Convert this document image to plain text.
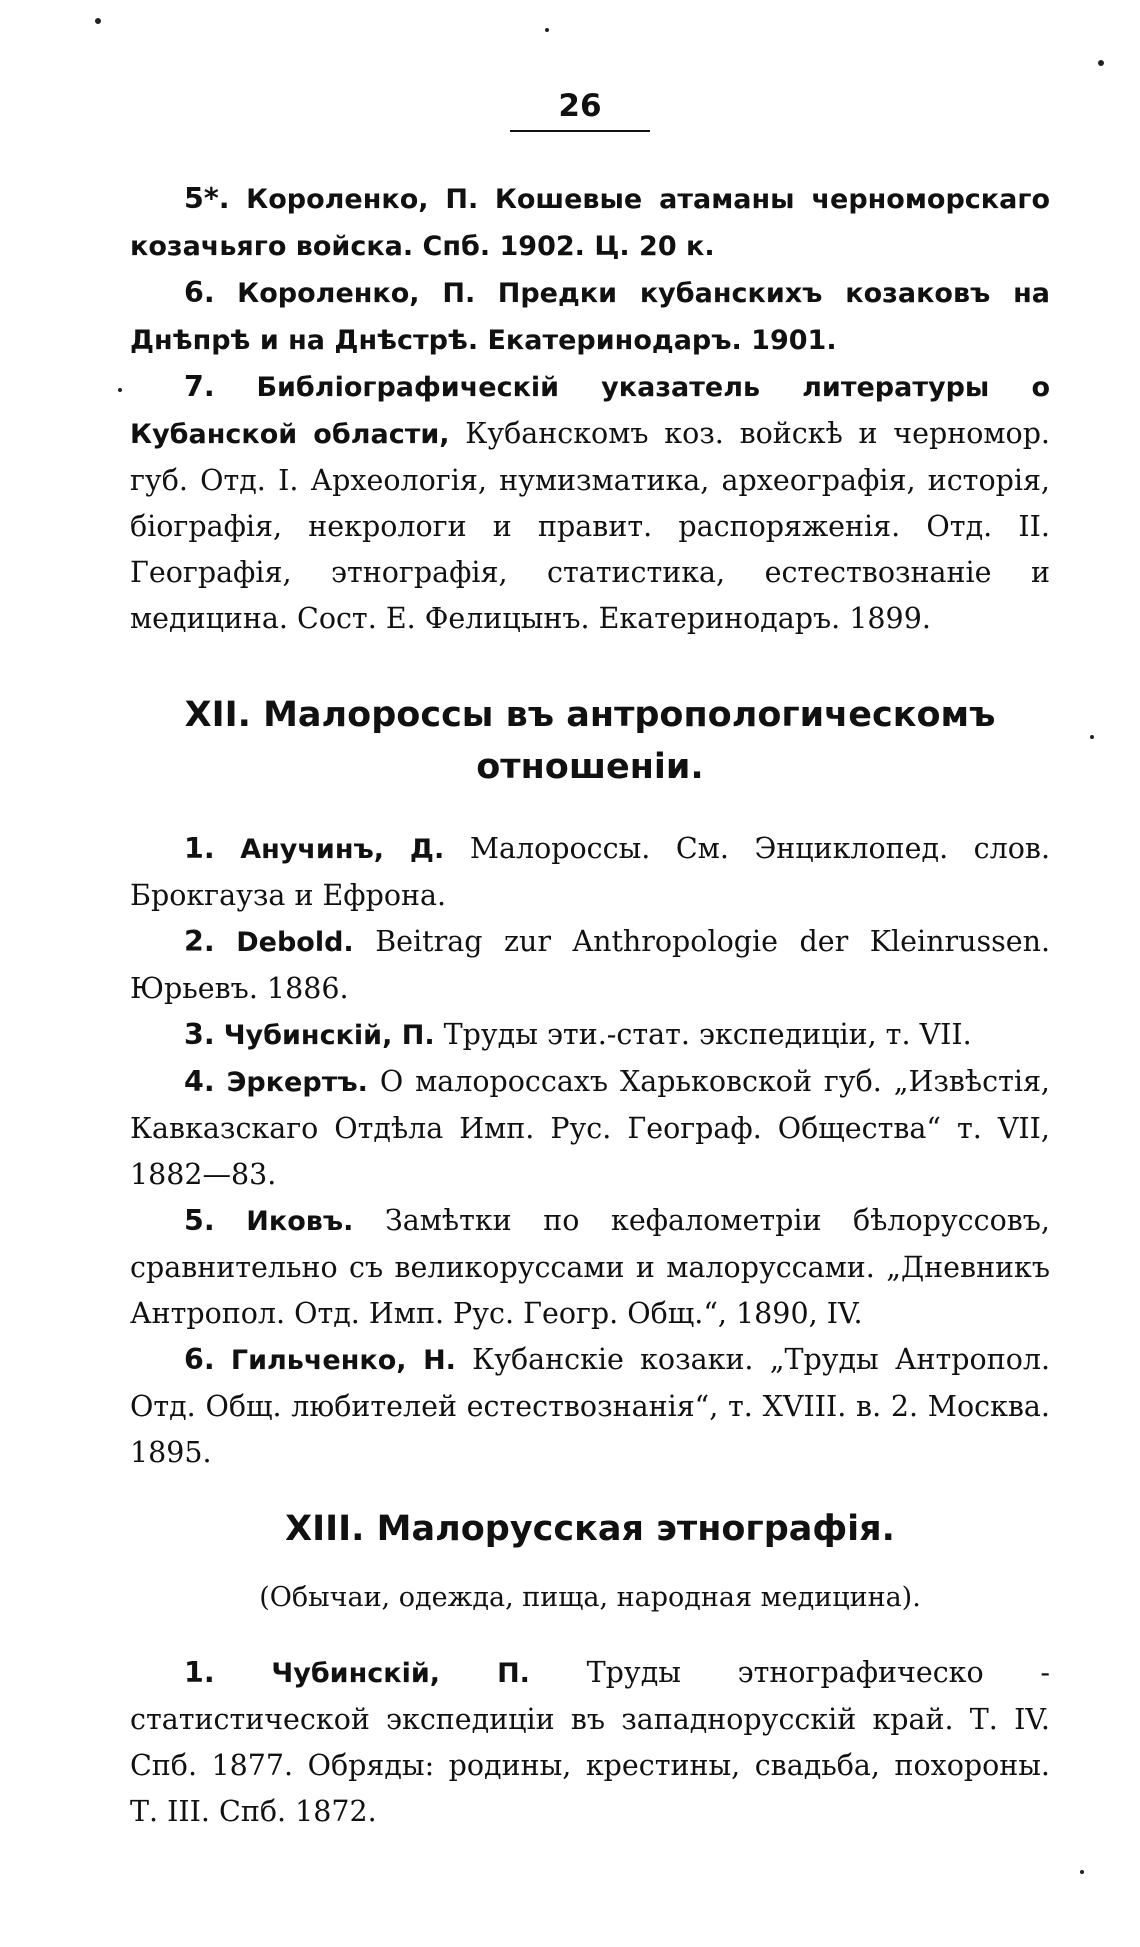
26

5*. Короленко, П. Кошевые атаманы черноморскаго козачьяго войска. Спб. 1902. Ц. 20 к.

6. Короленко, П. Предки кубанскихъ козаковъ на Днѣпрѣ и на Днѣстрѣ. Екатеринодаръ. 1901.

7. Библіографическій указатель литературы о Кубанской области, Кубанскомъ коз. войскѣ и черномор. губ. Отд. I. Археологія, нумизматика, археографія, исторія, біографія, некрологи и правит. распоряженія. Отд. II. Географія, этнографія, статистика, естествознаніе и медицина. Сост. Е. Фелицынъ. Екатеринодаръ. 1899.

XII. Малороссы въ антропологическомъ
отношеніи.

1. Анучинъ, Д. Малороссы. См. Энциклопед. слов. Брокгауза и Ефрона.

2. Debold. Beitrag zur Anthropologie der Kleinrussen. Юрьевъ. 1886.

3. Чубинскій, П. Труды эти.-стат. экспедиціи, т. VII.

4. Эркертъ. О малороссахъ Харьковской губ. „Извѣстія, Кавказскаго Отдѣла Имп. Рус. Географ. Общества“ т. VII, 1882—83.

5. Иковъ. Замѣтки по кефалометріи бѣлоруссовъ, сравнительно съ великоруссами и малоруссами. „Дневникъ Антропол. Отд. Имп. Рус. Геогр. Общ.“, 1890, IV.

6. Гильченко, Н. Кубанскіе козаки. „Труды Антропол. Отд. Общ. любителей естествознанія“, т. XVIII. в. 2. Москва. 1895.

XIII. Малорусская этнографія.

(Обычаи, одежда, пища, народная медицина).

1. Чубинскій, П. Труды этнографическо - статистической экспедиціи въ западнорусскій край. Т. IV. Спб. 1877. Обряды: родины, крестины, свадьба, похороны. Т. III. Спб. 1872.
